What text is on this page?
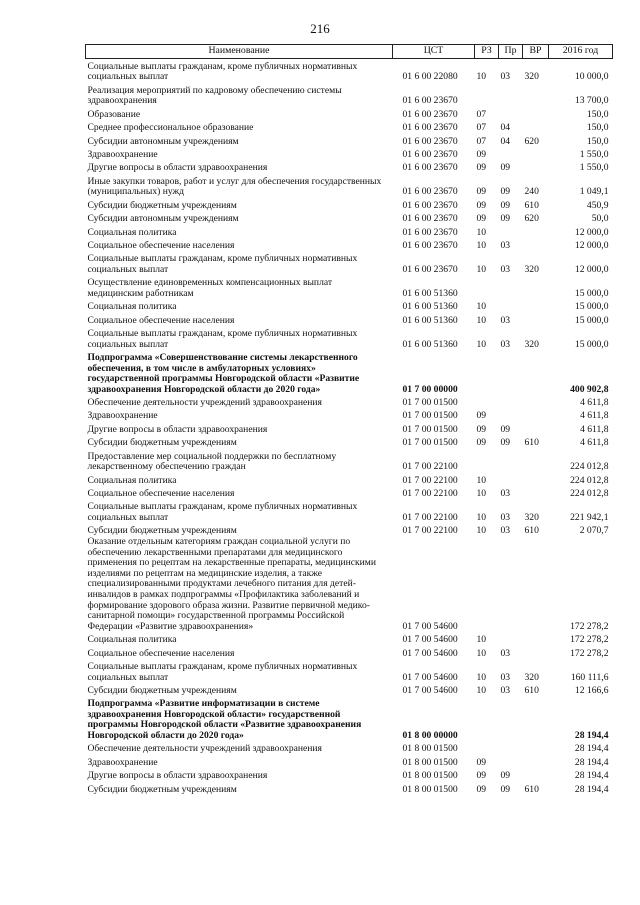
216
Наименование	ЦСТ	РЗ	Пр	ВР	2016 год
Социальные выплаты гражданам, кроме публичных нормативных социальных выплат	01 6 00 22080	10	03	320	10 000,0
Реализация мероприятий по кадровому обеспечению системы здравоохранения	01 6 00 23670				13 700,0
Образование	01 6 00 23670	07			150,0
Среднее профессиональное образование	01 6 00 23670	07	04		150,0
Субсидии автономным учреждениям	01 6 00 23670	07	04	620	150,0
Здравоохранение	01 6 00 23670	09			1 550,0
Другие вопросы в области здравоохранения	01 6 00 23670	09	09		1 550,0
Иные закупки товаров, работ и услуг для обеспечения государственных (муниципальных) нужд	01 6 00 23670	09	09	240	1 049,1
Субсидии бюджетным учреждениям	01 6 00 23670	09	09	610	450,9
Субсидии автономным учреждениям	01 6 00 23670	09	09	620	50,0
Социальная политика	01 6 00 23670	10			12 000,0
Социальное обеспечение населения	01 6 00 23670	10	03		12 000,0
Социальные выплаты гражданам, кроме публичных нормативных социальных выплат	01 6 00 23670	10	03	320	12 000,0
Осуществление единовременных компенсационных выплат медицинским работникам	01 6 00 51360				15 000,0
Социальная политика	01 6 00 51360	10			15 000,0
Социальное обеспечение населения	01 6 00 51360	10	03		15 000,0
Социальные выплаты гражданам, кроме публичных нормативных социальных выплат	01 6 00 51360	10	03	320	15 000,0
Подпрограмма «Совершенствование системы лекарственного обеспечения, в том числе в амбулаторных условиях» государственной программы Новгородской области «Развитие здравоохранения Новгородской области до 2020 года»	01 7 00 00000				400 902,8
Обеспечение деятельности учреждений здравоохранения	01 7 00 01500				4 611,8
Здравоохранение	01 7 00 01500	09			4 611,8
Другие вопросы в области здравоохранения	01 7 00 01500	09	09		4 611,8
Субсидии бюджетным учреждениям	01 7 00 01500	09	09	610	4 611,8
Предоставление мер социальной поддержки по бесплатному лекарственному обеспечению граждан	01 7 00 22100				224 012,8
Социальная политика	01 7 00 22100	10			224 012,8
Социальное обеспечение населения	01 7 00 22100	10	03		224 012,8
Социальные выплаты гражданам, кроме публичных нормативных социальных выплат	01 7 00 22100	10	03	320	221 942,1
Субсидии бюджетным учреждениям	01 7 00 22100	10	03	610	2 070,7
Оказание отдельным категориям граждан социальной услуги по обеспечению лекарственными препаратами для медицинского применения по рецептам на лекарственные препараты, медицинскими изделиями по рецептам на медицинские изделия, а также специализированными продуктами лечебного питания для детей-инвалидов в рамках подпрограммы «Профилактика заболеваний и формирование здорового образа жизни. Развитие первичной медико-санитарной помощи» государственной программы Российской Федерации «Развитие здравоохранения»	01 7 00 54600				172 278,2
Социальная политика	01 7 00 54600	10			172 278,2
Социальное обеспечение населения	01 7 00 54600	10	03		172 278,2
Социальные выплаты гражданам, кроме публичных нормативных социальных выплат	01 7 00 54600	10	03	320	160 111,6
Субсидии бюджетным учреждениям	01 7 00 54600	10	03	610	12 166,6
Подпрограмма «Развитие информатизации в системе здравоохранения Новгородской области» государственной программы Новгородской области «Развитие здравоохранения Новгородской области до 2020 года»	01 8 00 00000				28 194,4
Обеспечение деятельности учреждений здравоохранения	01 8 00 01500				28 194,4
Здравоохранение	01 8 00 01500	09			28 194,4
Другие вопросы в области здравоохранения	01 8 00 01500	09	09		28 194,4
Субсидии бюджетным учреждениям	01 8 00 01500	09	09	610	28 194,4
